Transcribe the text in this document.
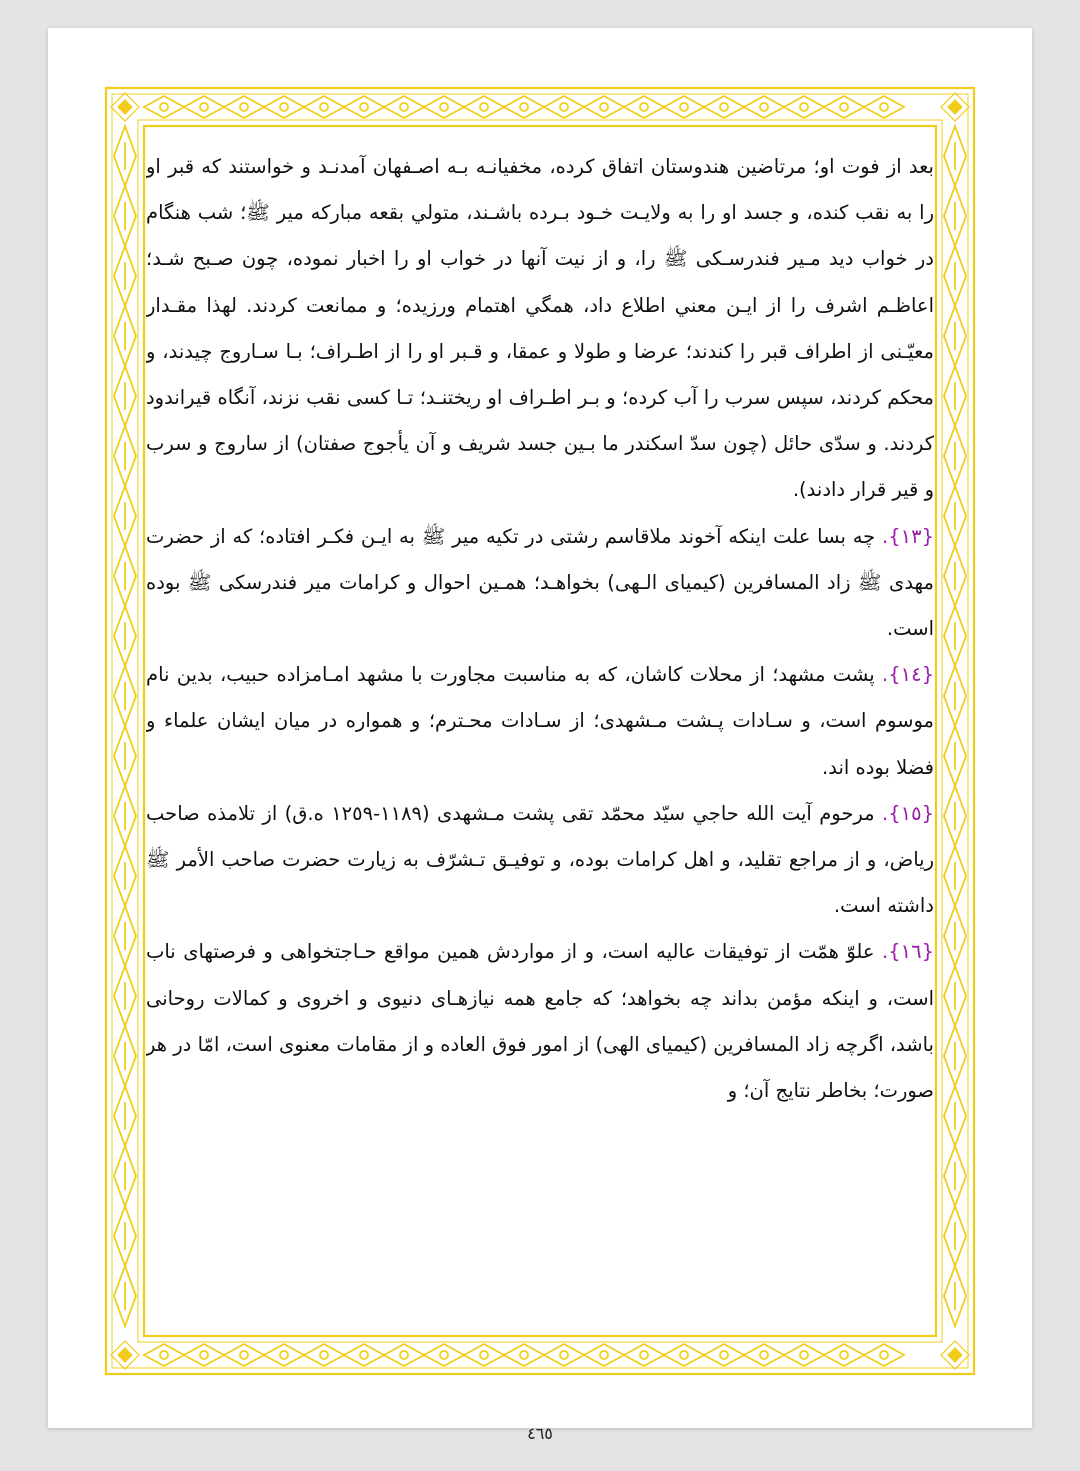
بعد از فوت او؛ مرتاضين هندوستان اتفاق كرده، مخفيانـه بـه اصـفهان آمدنـد و خواستند كه قبر او را به نقب كنده، و جسد او را به ولايـت خـود بـرده باشـند، متولي بقعه مباركه مير ﷺ؛ شب هنگام در خواب ديد مـير فندرسـكی ﷺ را، و از نيت آنها در خواب او را اخبار نموده، چون صـبح شـد؛ اعاظـم اشرف را از ايـن معني اطلاع داد، همگي اهتمام ورزيده؛ و ممانعت كردند. لهذا مقـدار معيّـنی از اطراف قبر را كندند؛ عرضا و طولا و عمقا، و قـبر او را از اطـراف؛ بـا سـاروج چيدند، و محكم كردند، سپس سرب را آب كرده؛ و بـر اطـراف او ريختنـد؛ تـا كسی نقب نزند، آنگاه قيراندود كردند. و سدّی حائل (چون سدّ اسكندر ما بـين جسد شريف و آن يأجوج صفتان) از ساروج و سرب و قير قرار دادند).

{١٣}. چه بسا علت اينكه آخوند ملاقاسم رشتی در تكيه مير ﷺ به ايـن فكـر افتاده؛ كه از حضرت مهدی ﷺ زاد المسافرين (كيمياى الـهی) بخواهـد؛ همـين احوال و كرامات مير فندرسكی ﷺ بوده است.

{١٤}. پشت مشهد؛ از محلات كاشان، كه به مناسبت مجاورت با مشهد امـامزاده حبيب، بدين نام موسوم است، و سـادات پـشت مـشهدی؛ از سـادات محـترم؛ و همواره در ميان ايشان علماء و فضلا بوده اند.

{١٥}. مرحوم آيت الله حاجي سيّد محمّد تقی پشت مـشهدی (١١٨٩-١٢٥٩ ه.ق) از تلامذه صاحب رياض، و از مراجع تقليد، و اهل كرامات بوده، و توفيـق تـشرّف به زيارت حضرت صاحب الأمر ﷺ داشته است.

{١٦}. علوّ همّت از توفيقات عاليه است، و از مواردش همين مواقع حـاجتخواهی و فرصتهای ناب است، و اينكه مؤمن بداند چه بخواهد؛ كه جامع همه نيازهـای دنيوی و اخروی و كمالات روحانی باشد، اگرچه زاد المسافرين (كيميای الهی) از امور فوق العاده و از مقامات معنوی است، امّا در هر صورت؛ بخاطر نتايج آن؛ و

٤٦٥
